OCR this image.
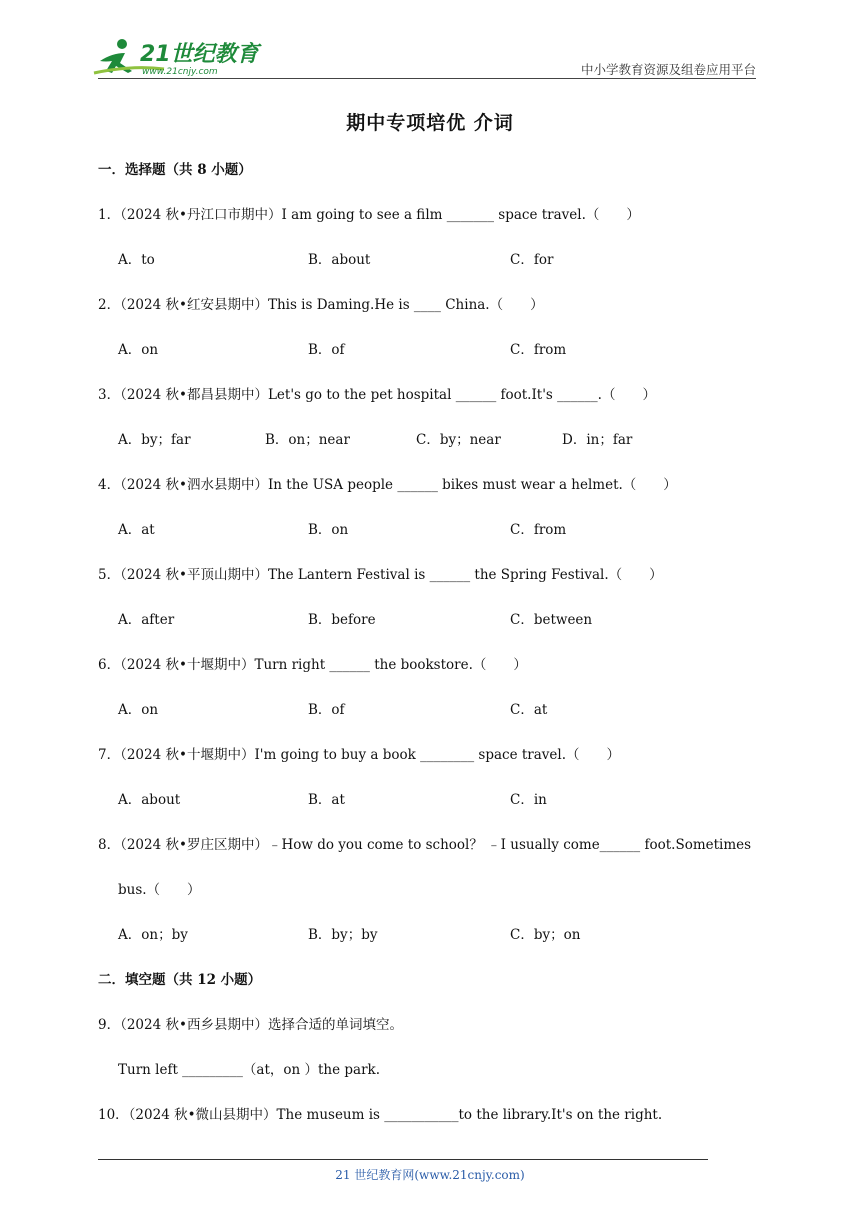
21世纪教育
www.21cnjy.com	中小学教育资源及组卷应用平台
期中专项培优 介词
一．选择题（共 8 小题）
1．（2024 秋•丹江口市期中）I am going to see a film _______ space travel.（　　）
A．to	B．about	C．for
2．（2024 秋•红安县期中）This is Daming.He is ____ China.（　　）
A．on	B．of	C．from
3．（2024 秋•都昌县期中）Let's go to the pet hospital ______ foot.It's ______.（　　）
A．by；far	B．on；near	C．by；near	D．in；far
4．（2024 秋•泗水县期中）In the USA people ______ bikes must wear a helmet.（　　）
A．at	B．on	C．from
5．（2024 秋•平顶山期中）The Lantern Festival is ______ the Spring Festival.（　　）
A．after	B．before	C．between
6．（2024 秋•十堰期中）Turn right ______ the bookstore.（　　）
A．on	B．of	C．at
7．（2024 秋•十堰期中）I'm going to buy a book ________ space travel.（　　）
A．about	B．at	C．in
8．（2024 秋•罗庄区期中）﹣How do you come to school？ ﹣I usually come______ foot.Sometimes
bus.（　　）
A．on；by	B．by；by	C．by；on
二．填空题（共 12 小题）
9．（2024 秋•西乡县期中）选择合适的单词填空。
Turn left _________（at，on ）the park.
10．（2024 秋•微山县期中）The museum is ___________to the library.It's on the right.
21 世纪教育网(www.21cnjy.com)
